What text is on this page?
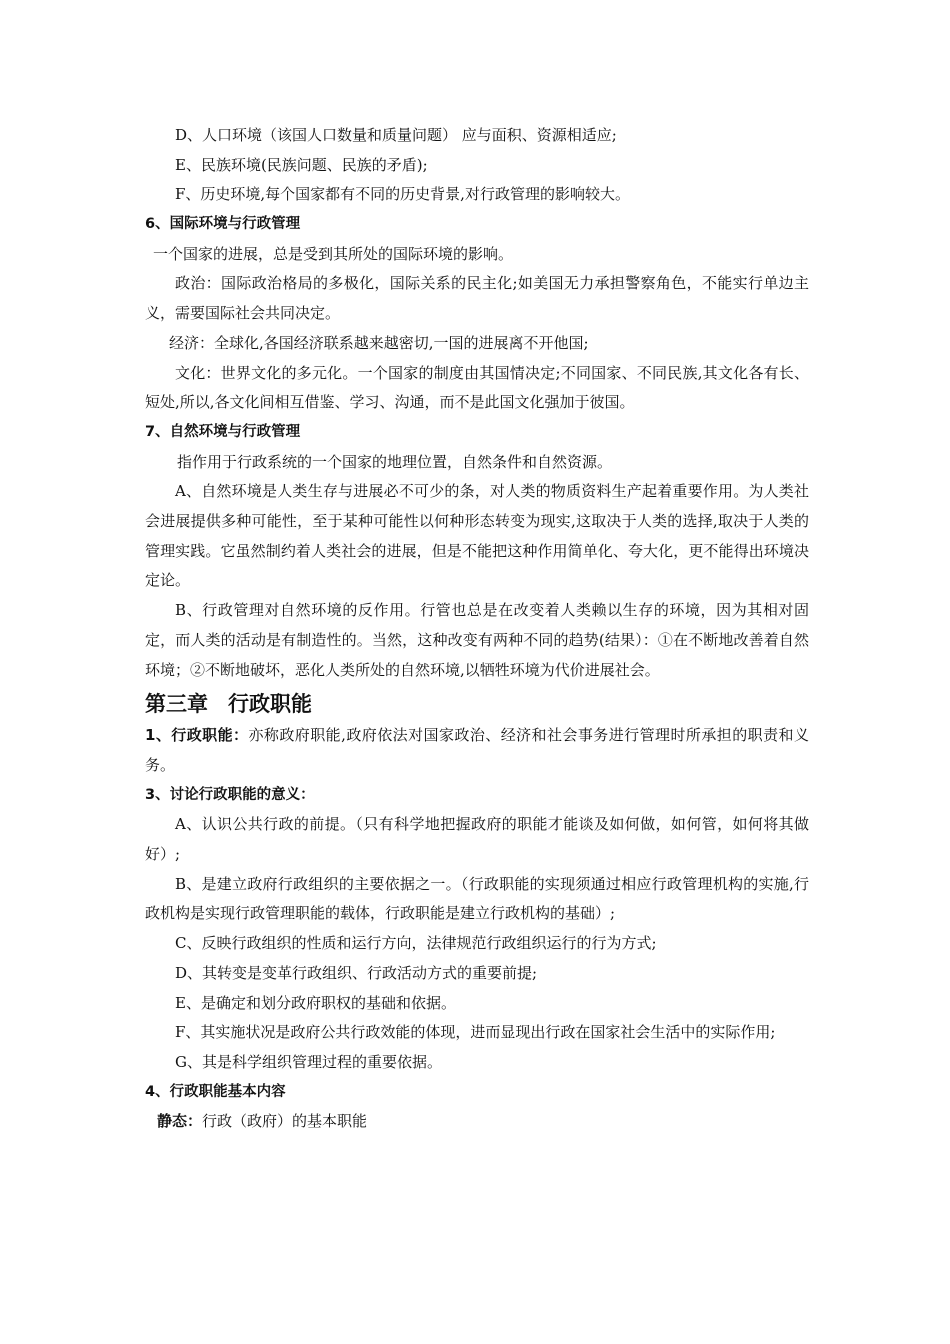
D、人口环境（该国人口数量和质量问题） 应与面积、资源相适应;
E、民族环境(民族问题、民族的矛盾);
F、历史环境,每个国家都有不同的历史背景,对行政管理的影响较大。
6、国际环境与行政管理
一个国家的进展，总是受到其所处的国际环境的影响。
政治：国际政治格局的多极化，国际关系的民主化;如美国无力承担警察角色，不能实行单边主义，需要国际社会共同决定。
经济：全球化,各国经济联系越来越密切,一国的进展离不开他国;
文化：世界文化的多元化。一个国家的制度由其国情决定;不同国家、不同民族,其文化各有长、短处,所以,各文化间相互借鉴、学习、沟通，而不是此国文化强加于彼国。
7、自然环境与行政管理
指作用于行政系统的一个国家的地理位置，自然条件和自然资源。
A、自然环境是人类生存与进展必不可少的条，对人类的物质资料生产起着重要作用。为人类社会进展提供多种可能性，至于某种可能性以何种形态转变为现实,这取决于人类的选择,取决于人类的管理实践。它虽然制约着人类社会的进展，但是不能把这种作用简单化、夸大化，更不能得出环境决定论。
B、行政管理对自然环境的反作用。行管也总是在改变着人类赖以生存的环境，因为其相对固定，而人类的活动是有制造性的。当然，这种改变有两种不同的趋势(结果）：①在不断地改善着自然环境；②不断地破坏，恶化人类所处的自然环境,以牺牲环境为代价进展社会。
第三章 行政职能
1、行政职能：亦称政府职能,政府依法对国家政治、经济和社会事务进行管理时所承担的职责和义务。
3、讨论行政职能的意义：
A、认识公共行政的前提。（只有科学地把握政府的职能才能谈及如何做，如何管，如何将其做好）;
B、是建立政府行政组织的主要依据之一。（行政职能的实现须通过相应行政管理机构的实施,行政机构是实现行政管理职能的载体，行政职能是建立行政机构的基础）;
C、反映行政组织的性质和运行方向，法律规范行政组织运行的行为方式;
D、其转变是变革行政组织、行政活动方式的重要前提;
E、是确定和划分政府职权的基础和依据。
F、其实施状况是政府公共行政效能的体现，进而显现出行政在国家社会生活中的实际作用;
G、其是科学组织管理过程的重要依据。
4、行政职能基本内容
静态：行政（政府）的基本职能
